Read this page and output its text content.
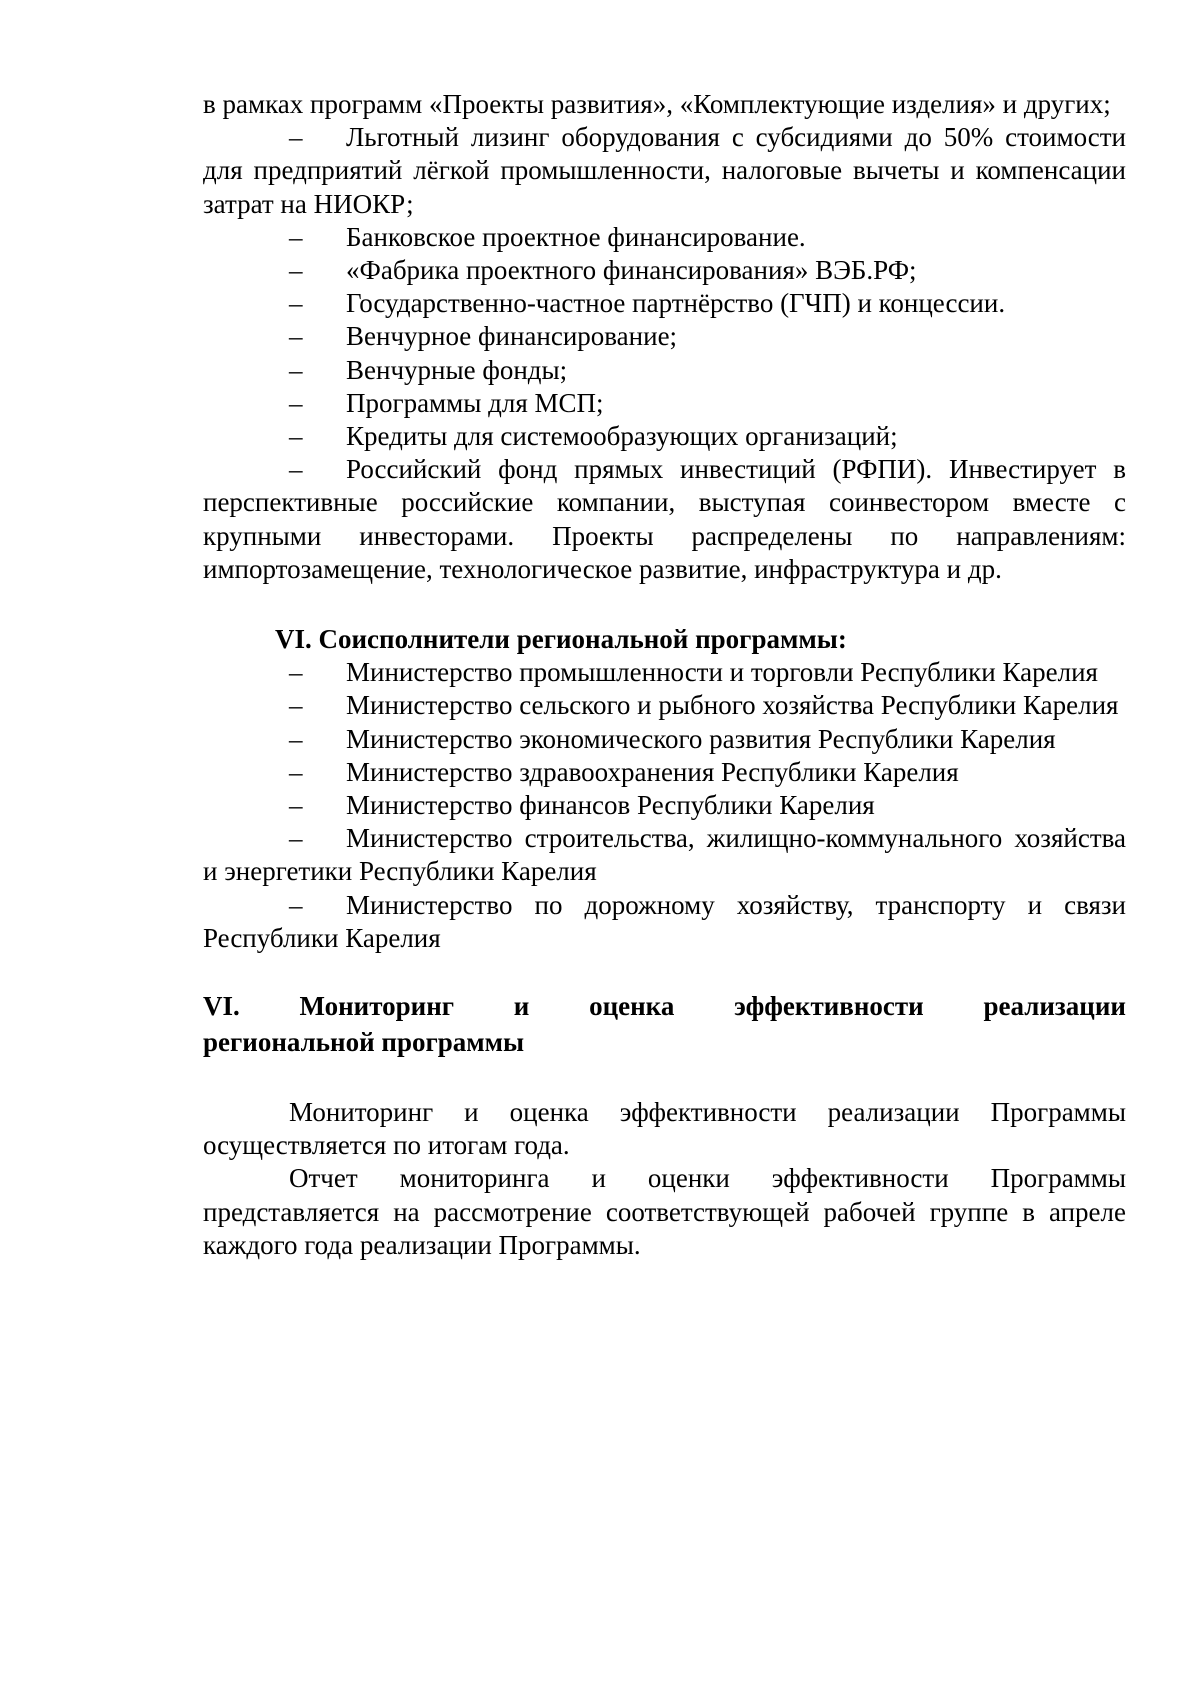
в рамках программ «Проекты развития», «Комплектующие изделия» и других;

– Льготный лизинг оборудования с субсидиями до 50% стоимости для предприятий лёгкой промышленности, налоговые вычеты и компенсации затрат на НИОКР;

– Банковское проектное финансирование.

– «Фабрика проектного финансирования» ВЭБ.РФ;

– Государственно-частное партнёрство (ГЧП) и концессии.

– Венчурное финансирование;

– Венчурные фонды;

– Программы для МСП;

– Кредиты для системообразующих организаций;

– Российский фонд прямых инвестиций (РФПИ). Инвестирует в перспективные российские компании, выступая соинвестором вместе с крупными инвесторами. Проекты распределены по направлениям: импортозамещение, технологическое развитие, инфраструктура и др.

VI. Соисполнители региональной программы:

– Министерство промышленности и торговли Республики Карелия

– Министерство сельского и рыбного хозяйства Республики Карелия

– Министерство экономического развития Республики Карелия

– Министерство здравоохранения Республики Карелия

– Министерство финансов Республики Карелия

– Министерство строительства, жилищно-коммунального хозяйства и энергетики Республики Карелия

– Министерство по дорожному хозяйству, транспорту и связи Республики Карелия

VI. Мониторинг и оценка эффективности реализации
региональной программы

Мониторинг и оценка эффективности реализации Программы осуществляется по итогам года.

Отчет мониторинга и оценки эффективности Программы представляется на рассмотрение соответствующей рабочей группе в апреле каждого года реализации Программы.
